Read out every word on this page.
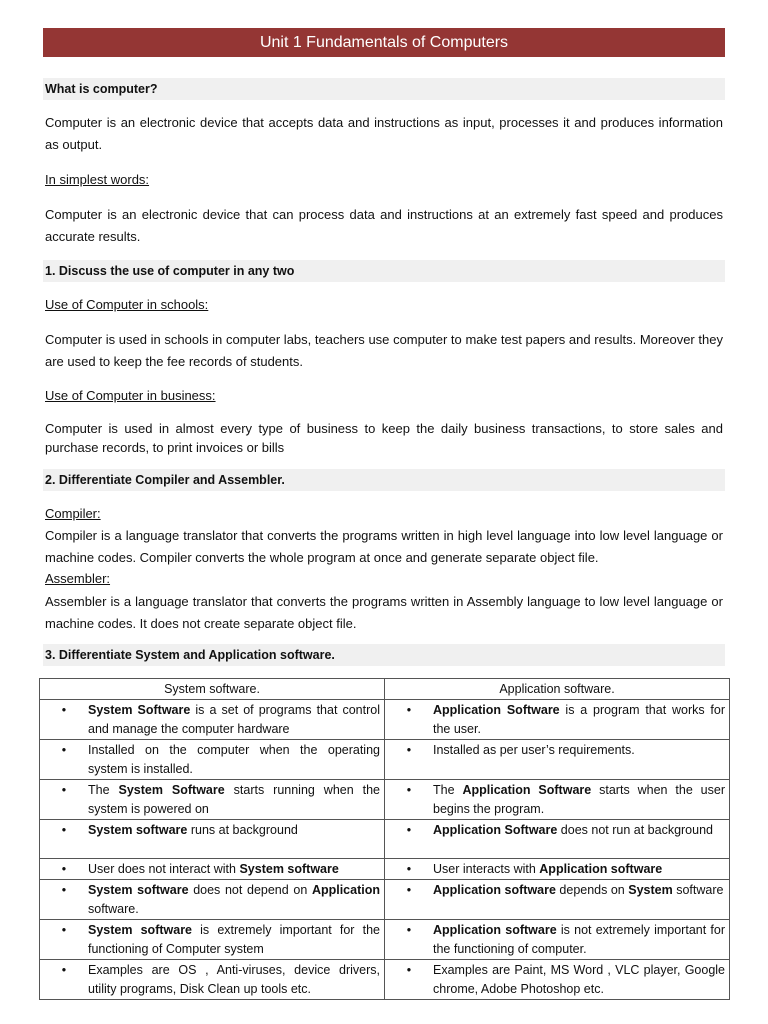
Unit 1 Fundamentals of Computers
What is computer?

Computer is an electronic device that accepts data and instructions as input, processes it and produces information as output.

In simplest words:

Computer is an electronic device that can process data and instructions at an extremely fast speed and produces accurate results.

1. Discuss the use of computer in any two
Use of Computer in schools:

Computer is used in schools in computer labs, teachers use computer to make test papers and results. Moreover they are used to keep the fee records of students.

Use of Computer in business:

Computer is used in almost every type of business to keep the daily business transactions, to store sales and purchase records, to print invoices or bills

2. Differentiate Compiler and Assembler.
Compiler:

Compiler is a language translator that converts the programs written in high level language into low level language or machine codes. Compiler converts the whole program at once and generate separate object file.

Assembler:

Assembler is a language translator that converts the programs written in Assembly language to low level language or machine codes. It does not create separate object file.

3. Differentiate System and Application software.
System software.	Application software.

• System Software is a set of programs that control and manage the computer hardware	• Application Software is a program that works for the user.

• Installed on the computer when the operating system is installed.	• Installed as per user’s requirements.

• The System Software starts running when the system is powered on	• The Application Software starts when the user begins the program.

• System software runs at background	• Application Software does not run at background

• User does not interact with System software	• User interacts with Application software

• System software does not depend on Application software.	• Application software depends on System software

• System software is extremely important for the functioning of Computer system	• Application software is not extremely important for the functioning of computer.

• Examples are OS , Anti-viruses, device drivers, utility programs, Disk Clean up tools etc.	• Examples are Paint, MS Word , VLC player, Google chrome, Adobe Photoshop etc.
